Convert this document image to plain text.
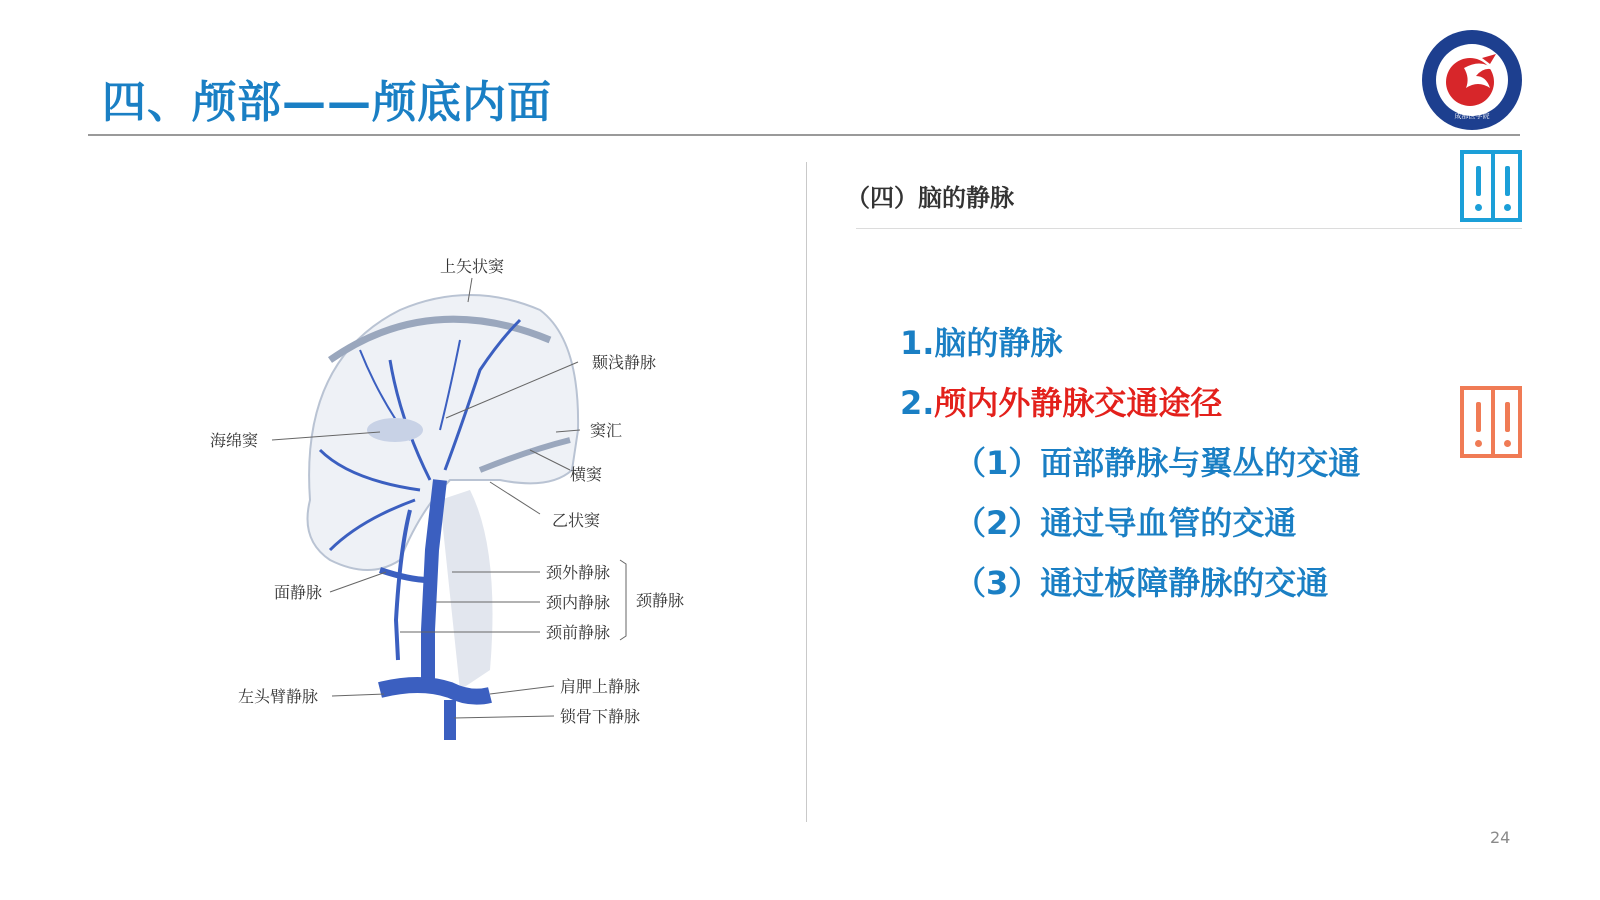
四、颅部——颅底内面	成都医学院
（四）脑的静脉
1.脑的静脉
2.颅内外静脉交通途径
（1）面部静脉与翼丛的交通
（2）通过导血管的交通
（3）通过板障静脉的交通
24
上矢状窦
颞浅静脉
海绵窦
窦汇
横窦
乙状窦
颈外静脉
颈内静脉
颈前静脉
颈静脉
面静脉
左头臂静脉
肩胛上静脉
锁骨下静脉
